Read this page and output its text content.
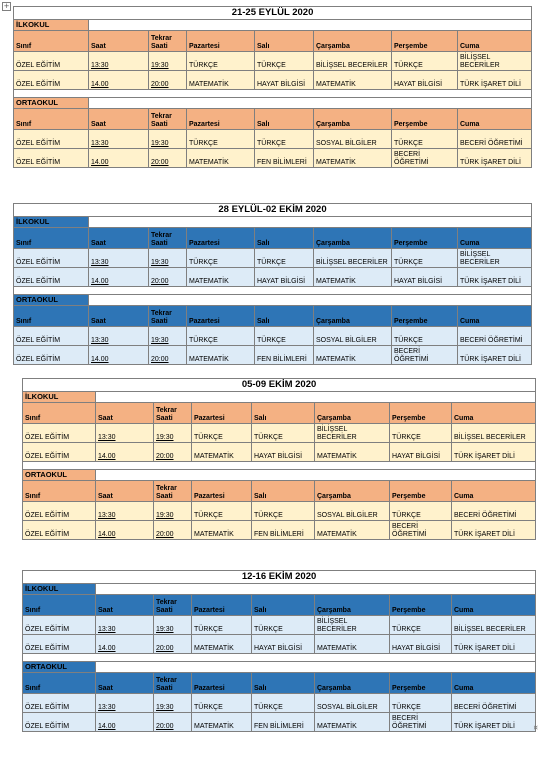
+
21-25 EYLÜL 2020							
İLKOKUL							
Sınıf	Saat	Tekrar Saati	Pazartesi	Salı	Çarşamba	Perşembe	Cuma
ÖZEL EĞİTİM	13:30	19:30	TÜRKÇE	TÜRKÇE	BİLİŞSEL BECERİLER	TÜRKÇE	BİLİŞSEL BECERİLER
ÖZEL EĞİTİM	14.00	20:00	MATEMATİK	HAYAT BİLGİSİ	MATEMATİK	HAYAT BİLGİSİ	TÜRK İŞARET DİLİ

ORTAOKUL							
Sınıf	Saat	Tekrar Saati	Pazartesi	Salı	Çarşamba	Perşembe	Cuma
ÖZEL EĞİTİM	13:30	19:30	TÜRKÇE	TÜRKÇE	SOSYAL BİLGİLER	TÜRKÇE	BECERİ ÖĞRETİMİ
ÖZEL EĞİTİM	14.00	20:00	MATEMATİK	FEN BİLİMLERİ	MATEMATİK	BECERİ ÖĞRETİMİ	TÜRK İŞARET DİLİ
28 EYLÜL-02 EKİM 2020							
İLKOKUL							
Sınıf	Saat	Tekrar Saati	Pazartesi	Salı	Çarşamba	Perşembe	Cuma
ÖZEL EĞİTİM	13:30	19:30	TÜRKÇE	TÜRKÇE	BİLİŞSEL BECERİLER	TÜRKÇE	BİLİŞSEL BECERİLER
ÖZEL EĞİTİM	14.00	20:00	MATEMATİK	HAYAT BİLGİSİ	MATEMATİK	HAYAT BİLGİSİ	TÜRK İŞARET DİLİ

ORTAOKUL							
Sınıf	Saat	Tekrar Saati	Pazartesi	Salı	Çarşamba	Perşembe	Cuma
ÖZEL EĞİTİM	13:30	19:30	TÜRKÇE	TÜRKÇE	SOSYAL BİLGİLER	TÜRKÇE	BECERİ ÖĞRETİMİ
ÖZEL EĞİTİM	14.00	20:00	MATEMATİK	FEN BİLİMLERİ	MATEMATİK	BECERİ ÖĞRETİMİ	TÜRK İŞARET DİLİ
05-09 EKİM 2020							
İLKOKUL							
Sınıf	Saat	Tekrar Saati	Pazartesi	Salı	Çarşamba	Perşembe	Cuma
ÖZEL EĞİTİM	13:30	19:30	TÜRKÇE	TÜRKÇE	BİLİŞSEL BECERİLER	TÜRKÇE	BİLİŞSEL BECERİLER
ÖZEL EĞİTİM	14.00	20:00	MATEMATİK	HAYAT BİLGİSİ	MATEMATİK	HAYAT BİLGİSİ	TÜRK İŞARET DİLİ

ORTAOKUL							
Sınıf	Saat	Tekrar Saati	Pazartesi	Salı	Çarşamba	Perşembe	Cuma
ÖZEL EĞİTİM	13:30	19:30	TÜRKÇE	TÜRKÇE	SOSYAL BİLGİLER	TÜRKÇE	BECERİ ÖĞRETİMİ
ÖZEL EĞİTİM	14.00	20:00	MATEMATİK	FEN BİLİMLERİ	MATEMATİK	BECERİ ÖĞRETİMİ	TÜRK İŞARET DİLİ
12-16 EKİM 2020							
İLKOKUL							
Sınıf	Saat	Tekrar Saati	Pazartesi	Salı	Çarşamba	Perşembe	Cuma
ÖZEL EĞİTİM	13:30	19:30	TÜRKÇE	TÜRKÇE	BİLİŞSEL BECERİLER	TÜRKÇE	BİLİŞSEL BECERİLER
ÖZEL EĞİTİM	14.00	20:00	MATEMATİK	HAYAT BİLGİSİ	MATEMATİK	HAYAT BİLGİSİ	TÜRK İŞARET DİLİ

ORTAOKUL							
Sınıf	Saat	Tekrar Saati	Pazartesi	Salı	Çarşamba	Perşembe	Cuma
ÖZEL EĞİTİM	13:30	19:30	TÜRKÇE	TÜRKÇE	SOSYAL BİLGİLER	TÜRKÇE	BECERİ ÖĞRETİMİ
ÖZEL EĞİTİM	14.00	20:00	MATEMATİK	FEN BİLİMLERİ	MATEMATİK	BECERİ ÖĞRETİMİ	TÜRK İŞARET DİLİ	¤
